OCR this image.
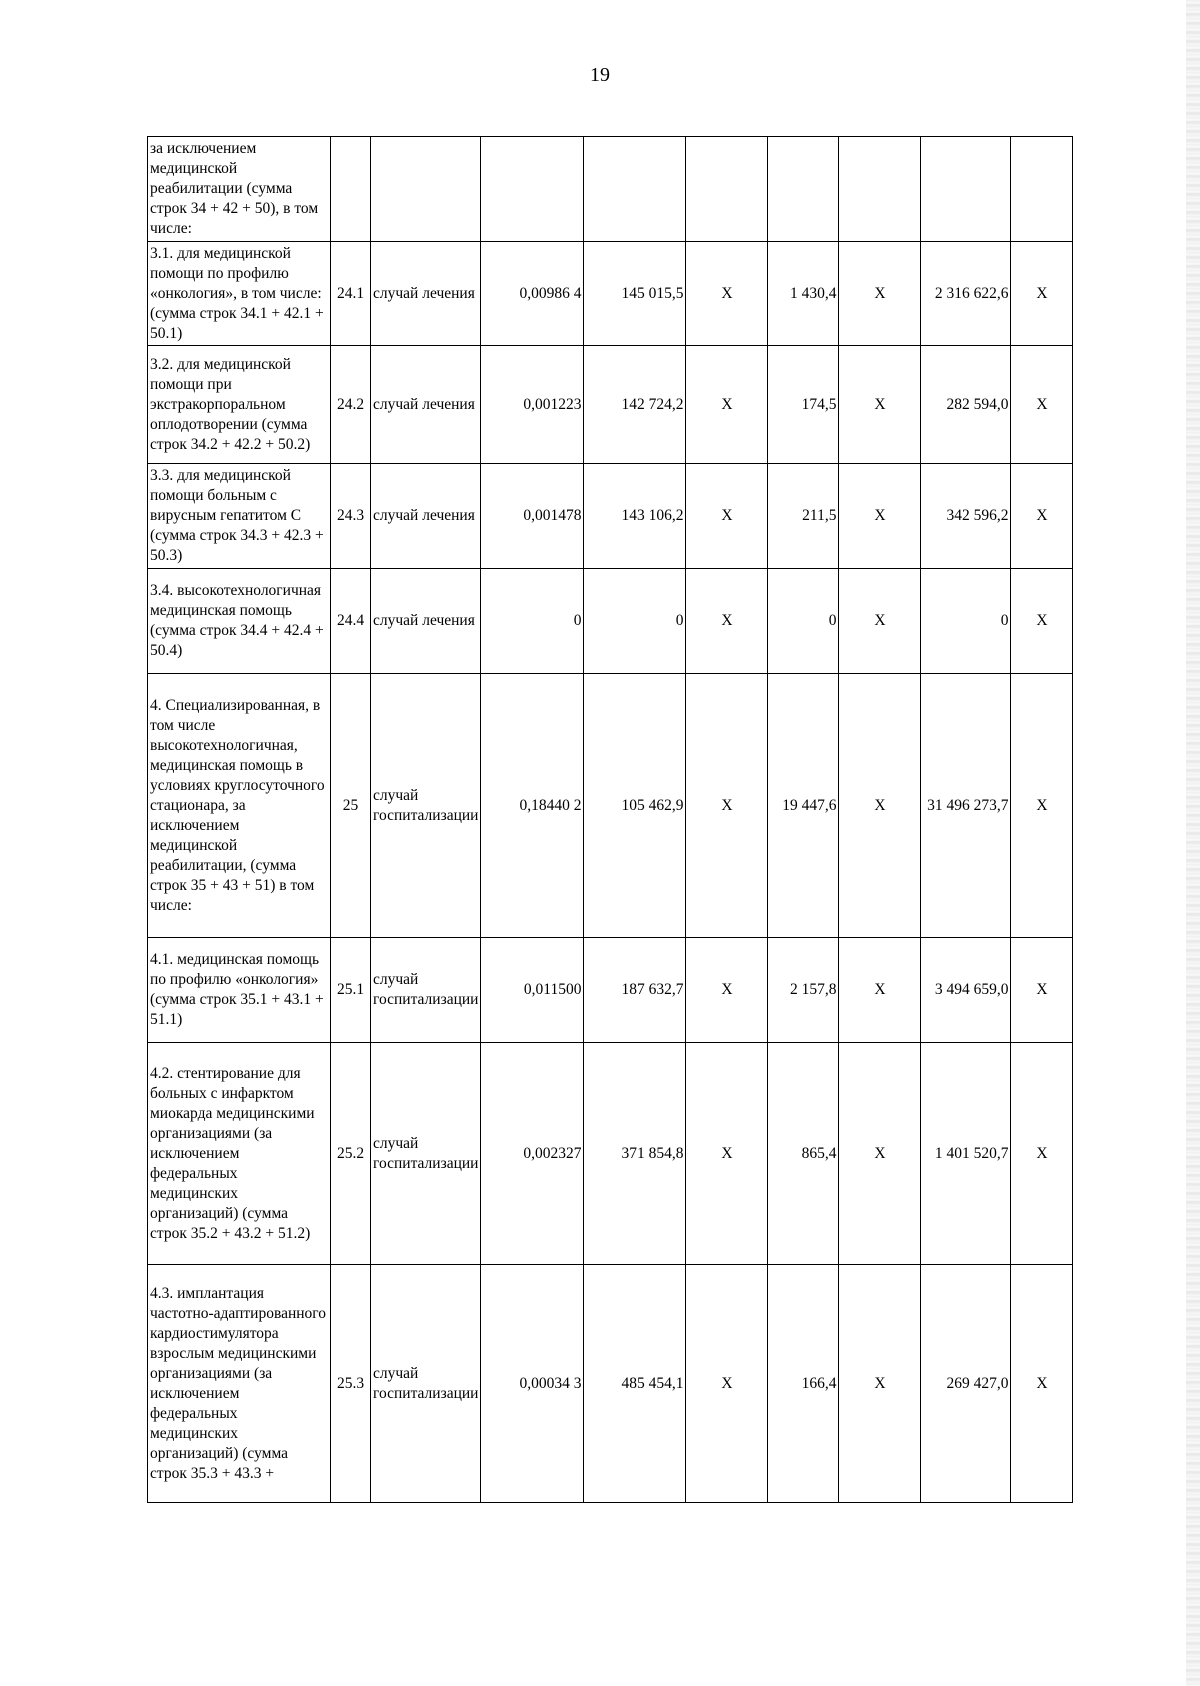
19
за исключением медицинской реабилитации (сумма строк 34 + 42 + 50), в том числе:									
3.1. для медицинской помощи по профилю «онкология», в том числе: (сумма строк 34.1 + 42.1 + 50.1)	24.1	случай лечения	0,00986 4	145 015,5	X	1 430,4	X	2 316 622,6	X
3.2. для медицинской помощи при экстракорпоральном оплодотворении (сумма строк 34.2 + 42.2 + 50.2)	24.2	случай лечения	0,001223	142 724,2	X	174,5	X	282 594,0	X
3.3. для медицинской помощи больным с вирусным гепатитом С (сумма строк 34.3 + 42.3 + 50.3)	24.3	случай лечения	0,001478	143 106,2	X	211,5	X	342 596,2	X
3.4. высокотехнологичная медицинская помощь (сумма строк 34.4 + 42.4 + 50.4)	24.4	случай лечения	0	0	X	0	X	0	X
4. Специализированная, в том числе высокотехнологичная, медицинская помощь в условиях круглосуточного стационара, за исключением медицинской реабилитации, (сумма строк 35 + 43 + 51) в том числе:	25	случай госпитализации	0,18440 2	105 462,9	X	19 447,6	X	31 496 273,7	X
4.1. медицинская помощь по профилю «онкология» (сумма строк 35.1 + 43.1 + 51.1)	25.1	случай госпитализации	0,011500	187 632,7	X	2 157,8	X	3 494 659,0	X
4.2. стентирование для больных с инфарктом миокарда медицинскими организациями (за исключением федеральных медицинских организаций) (сумма строк 35.2 + 43.2 + 51.2)	25.2	случай госпитализации	0,002327	371 854,8	X	865,4	X	1 401 520,7	X
4.3. имплантация частотно-адаптированного кардиостимулятора взрослым медицинскими организациями (за исключением федеральных медицинских организаций) (сумма строк 35.3 + 43.3 +	25.3	случай госпитализации	0,00034 3	485 454,1	X	166,4	X	269 427,0	X
